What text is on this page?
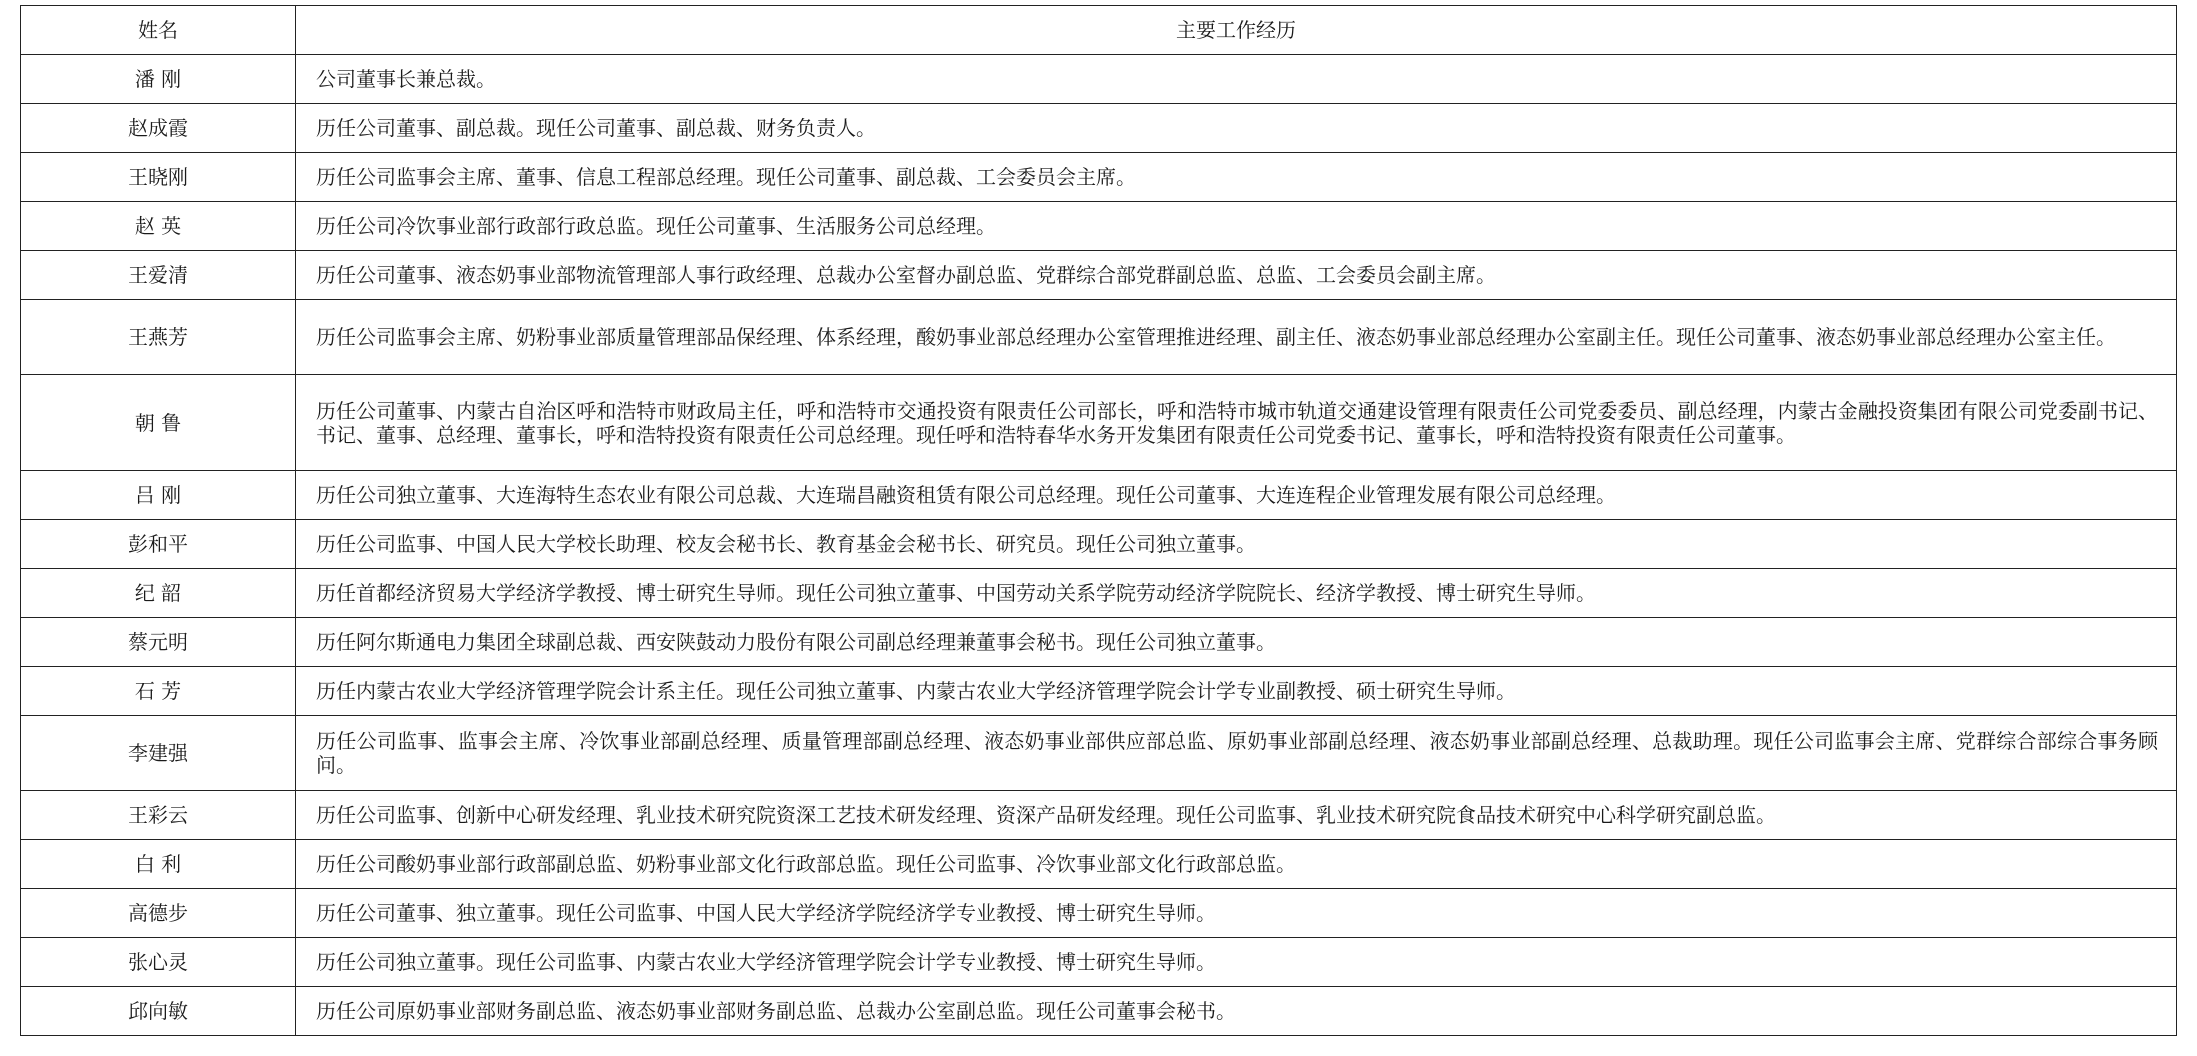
姓名	主要工作经历
潘 刚	公司董事长兼总裁。
赵成霞	历任公司董事、副总裁。现任公司董事、副总裁、财务负责人。
王晓刚	历任公司监事会主席、董事、信息工程部总经理。现任公司董事、副总裁、工会委员会主席。
赵 英	历任公司冷饮事业部行政部行政总监。现任公司董事、生活服务公司总经理。
王爱清	历任公司董事、液态奶事业部物流管理部人事行政经理、总裁办公室督办副总监、党群综合部党群副总监、总监、工会委员会副主席。
王燕芳	历任公司监事会主席、奶粉事业部质量管理部品保经理、体系经理，酸奶事业部总经理办公室管理推进经理、副主任、液态奶事业部总经理办公室副主任。现任公司董事、液态奶事业部总经理办公室主任。
朝 鲁	历任公司董事、内蒙古自治区呼和浩特市财政局主任，呼和浩特市交通投资有限责任公司部长，呼和浩特市城市轨道交通建设管理有限责任公司党委委员、副总经理，内蒙古金融投资集团有限公司党委副书记、书记、董事、总经理、董事长，呼和浩特投资有限责任公司总经理。现任呼和浩特春华水务开发集团有限责任公司党委书记、董事长，呼和浩特投资有限责任公司董事。
吕 刚	历任公司独立董事、大连海特生态农业有限公司总裁、大连瑞昌融资租赁有限公司总经理。现任公司董事、大连连程企业管理发展有限公司总经理。
彭和平	历任公司监事、中国人民大学校长助理、校友会秘书长、教育基金会秘书长、研究员。现任公司独立董事。
纪 韶	历任首都经济贸易大学经济学教授、博士研究生导师。现任公司独立董事、中国劳动关系学院劳动经济学院院长、经济学教授、博士研究生导师。
蔡元明	历任阿尔斯通电力集团全球副总裁、西安陕鼓动力股份有限公司副总经理兼董事会秘书。现任公司独立董事。
石 芳	历任内蒙古农业大学经济管理学院会计系主任。现任公司独立董事、内蒙古农业大学经济管理学院会计学专业副教授、硕士研究生导师。
李建强	历任公司监事、监事会主席、冷饮事业部副总经理、质量管理部副总经理、液态奶事业部供应部总监、原奶事业部副总经理、液态奶事业部副总经理、总裁助理。现任公司监事会主席、党群综合部综合事务顾问。
王彩云	历任公司监事、创新中心研发经理、乳业技术研究院资深工艺技术研发经理、资深产品研发经理。现任公司监事、乳业技术研究院食品技术研究中心科学研究副总监。
白 利	历任公司酸奶事业部行政部副总监、奶粉事业部文化行政部总监。现任公司监事、冷饮事业部文化行政部总监。
高德步	历任公司董事、独立董事。现任公司监事、中国人民大学经济学院经济学专业教授、博士研究生导师。
张心灵	历任公司独立董事。现任公司监事、内蒙古农业大学经济管理学院会计学专业教授、博士研究生导师。
邱向敏	历任公司原奶事业部财务副总监、液态奶事业部财务副总监、总裁办公室副总监。现任公司董事会秘书。
